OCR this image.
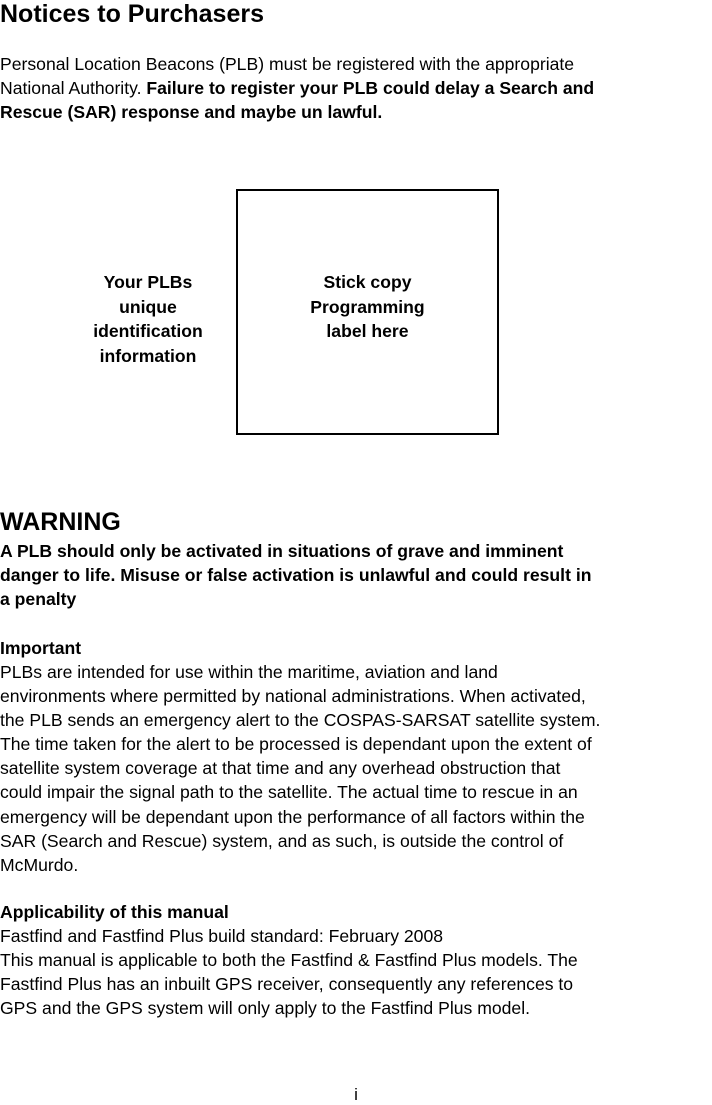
Notices to Purchasers

Personal Location Beacons (PLB) must be registered with the appropriate
National Authority. Failure to register your PLB could delay a Search and
Rescue (SAR) response and maybe un lawful.

Your PLBs
unique
identification
information

Stick copy
Programming
label here

WARNING

A PLB should only be activated in situations of grave and imminent
danger to life. Misuse or false activation is unlawful and could result in
a penalty

Important

PLBs are intended for use within the maritime, aviation and land
environments where permitted by national administrations. When activated,
the PLB sends an emergency alert to the COSPAS-SARSAT satellite system.
The time taken for the alert to be processed is dependant upon the extent of
satellite system coverage at that time and any overhead obstruction that
could impair the signal path to the satellite. The actual time to rescue in an
emergency will be dependant upon the performance of all factors within the
SAR (Search and Rescue) system, and as such, is outside the control of
McMurdo.

Applicability of this manual

Fastfind and Fastfind Plus build standard: February 2008
This manual is applicable to both the Fastfind & Fastfind Plus models. The
Fastfind Plus has an inbuilt GPS receiver, consequently any references to
GPS and the GPS system will only apply to the Fastfind Plus model.

i
